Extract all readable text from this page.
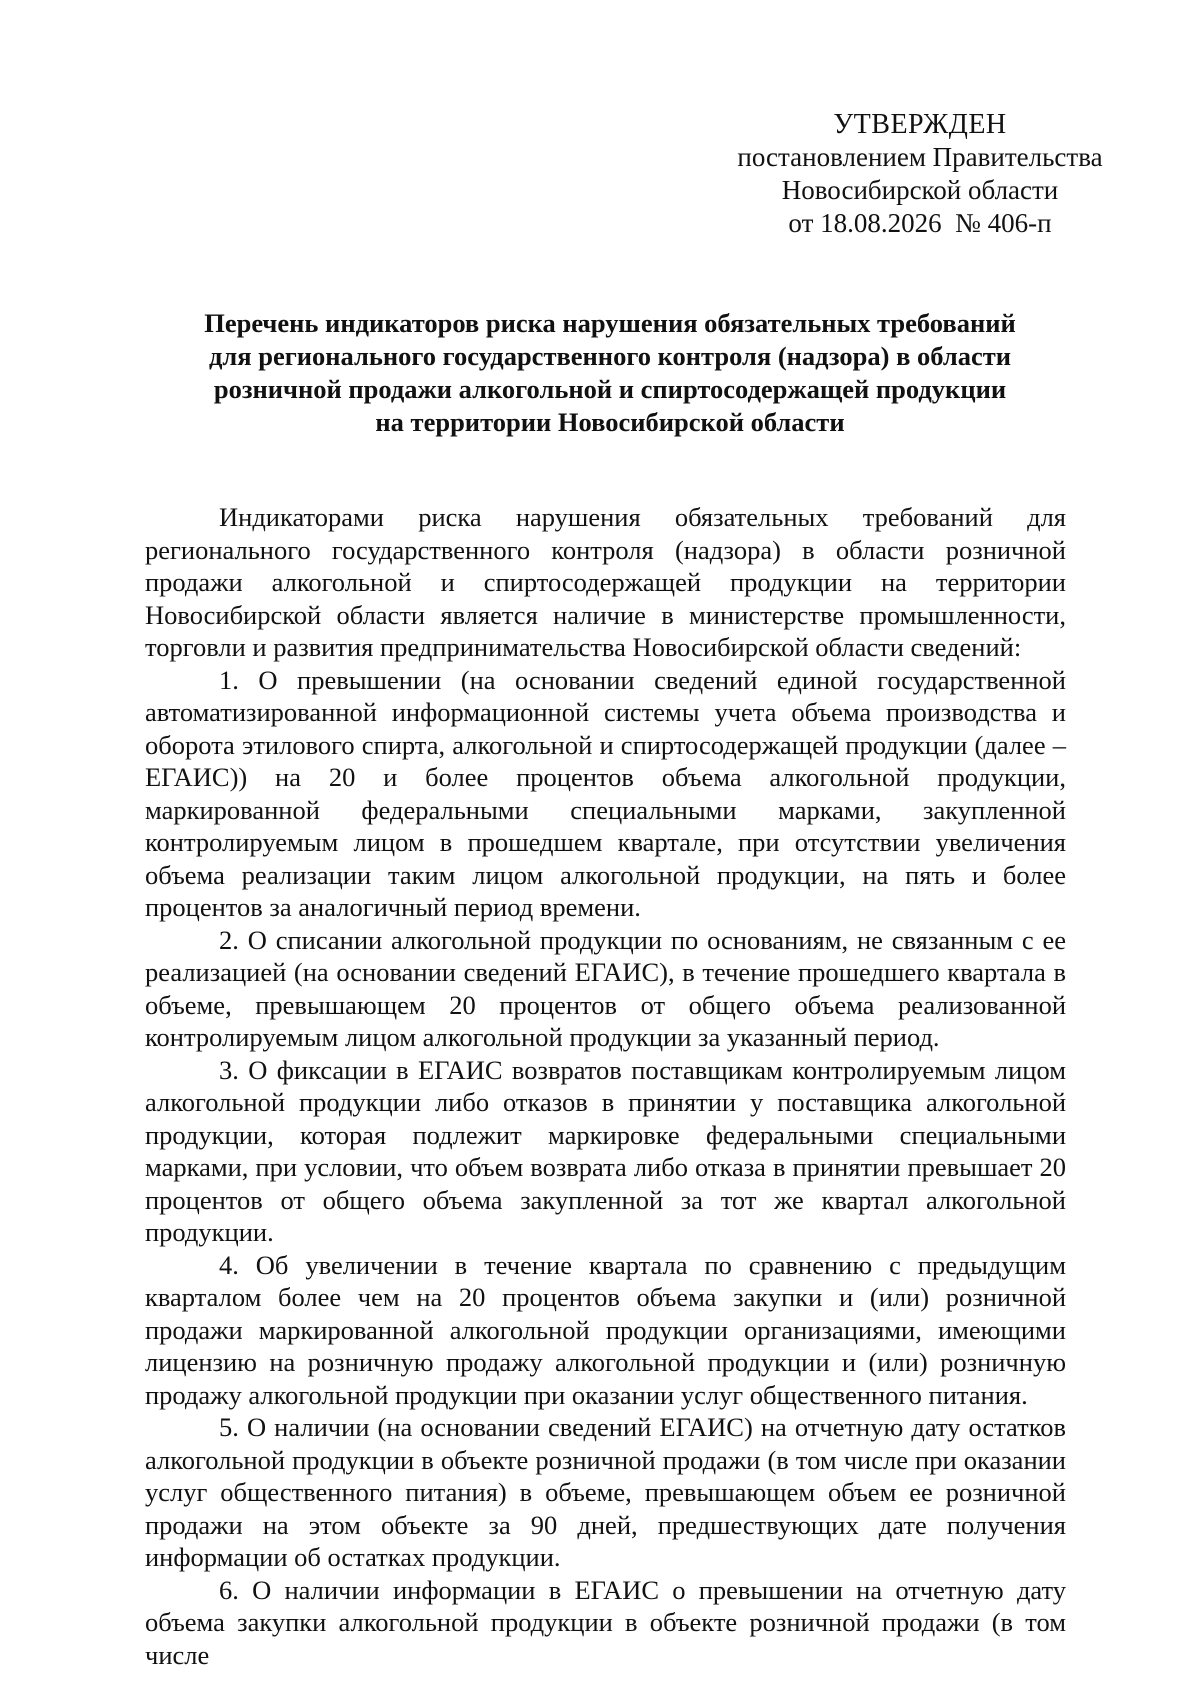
УТВЕРЖДЕН
постановлением Правительства
Новосибирской области
от 18.08.2026  № 406-п
Перечень индикаторов риска нарушения обязательных требований
для регионального государственного контроля (надзора) в области
розничной продажи алкогольной и спиртосодержащей продукции
на территории Новосибирской области

Индикаторами риска нарушения обязательных требований для регионального государственного контроля (надзора) в области розничной продажи алкогольной и спиртосодержащей продукции на территории Новосибирской области является наличие в министерстве промышленности, торговли и развития предпринимательства Новосибирской области сведений:

1. О превышении (на основании сведений единой государственной автоматизированной информационной системы учета объема производства и оборота этилового спирта, алкогольной и спиртосодержащей продукции (далее – ЕГАИС)) на 20 и более процентов объема алкогольной продукции, маркированной федеральными специальными марками, закупленной контролируемым лицом в прошедшем квартале, при отсутствии увеличения объема реализации таким лицом алкогольной продукции, на пять и более процентов за аналогичный период времени.

2. О списании алкогольной продукции по основаниям, не связанным с ее реализацией (на основании сведений ЕГАИС), в течение прошедшего квартала в объеме, превышающем 20 процентов от общего объема реализованной контролируемым лицом алкогольной продукции за указанный период.

3. О фиксации в ЕГАИС возвратов поставщикам контролируемым лицом алкогольной продукции либо отказов в принятии у поставщика алкогольной продукции, которая подлежит маркировке федеральными специальными марками, при условии, что объем возврата либо отказа в принятии превышает 20 процентов от общего объема закупленной за тот же квартал алкогольной продукции.

4. Об увеличении в течение квартала по сравнению с предыдущим кварталом более чем на 20 процентов объема закупки и (или) розничной продажи маркированной алкогольной продукции организациями, имеющими лицензию на розничную продажу алкогольной продукции и (или) розничную продажу алкогольной продукции при оказании услуг общественного питания.

5. О наличии (на основании сведений ЕГАИС) на отчетную дату остатков алкогольной продукции в объекте розничной продажи (в том числе при оказании услуг общественного питания) в объеме, превышающем объем ее розничной продажи на этом объекте за 90 дней, предшествующих дате получения информации об остатках продукции.

6. О наличии информации в ЕГАИС о превышении на отчетную дату объема закупки алкогольной продукции в объекте розничной продажи (в том числе
